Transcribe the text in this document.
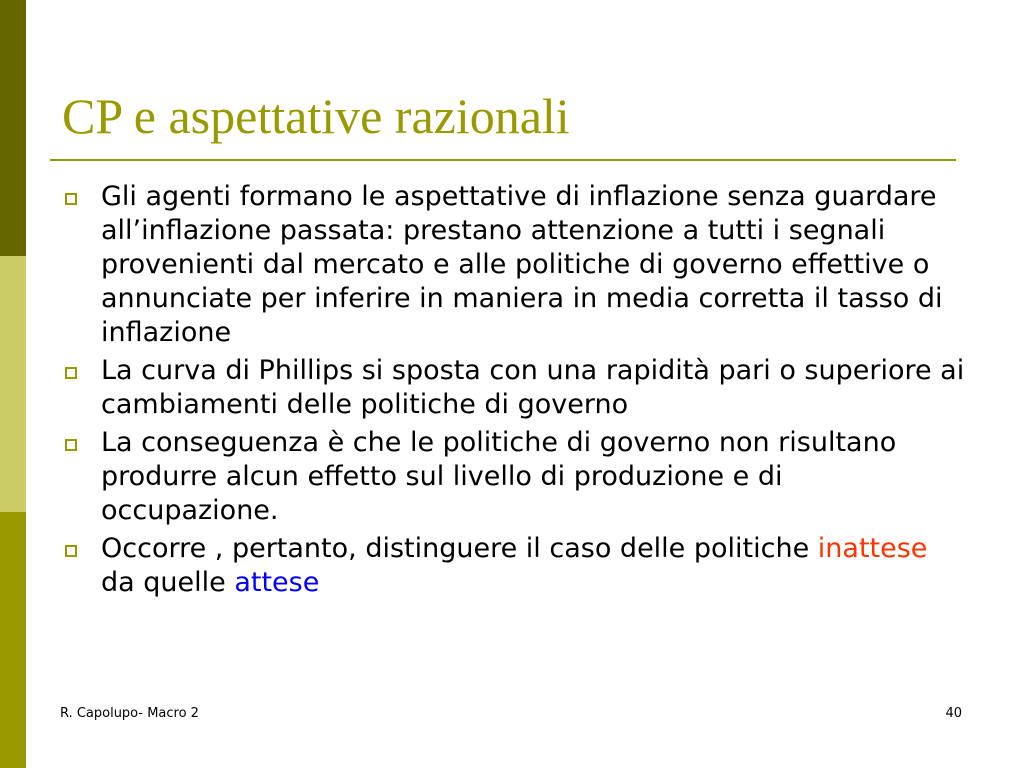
CP e aspettative razionali
Gli agenti formano le aspettative di inflazione senza guardare all’inflazione passata: prestano attenzione a tutti i segnali provenienti dal mercato e alle politiche di governo effettive o annunciate per inferire in maniera in media corretta il tasso di inflazione
La curva di Phillips si sposta con una rapidità pari o superiore ai cambiamenti delle politiche di governo
La conseguenza è che le politiche di governo non risultano produrre alcun effetto sul livello di produzione e di occupazione.
Occorre , pertanto, distinguere il caso delle politiche inattese da quelle attese
R. Capolupo- Macro 2	40
